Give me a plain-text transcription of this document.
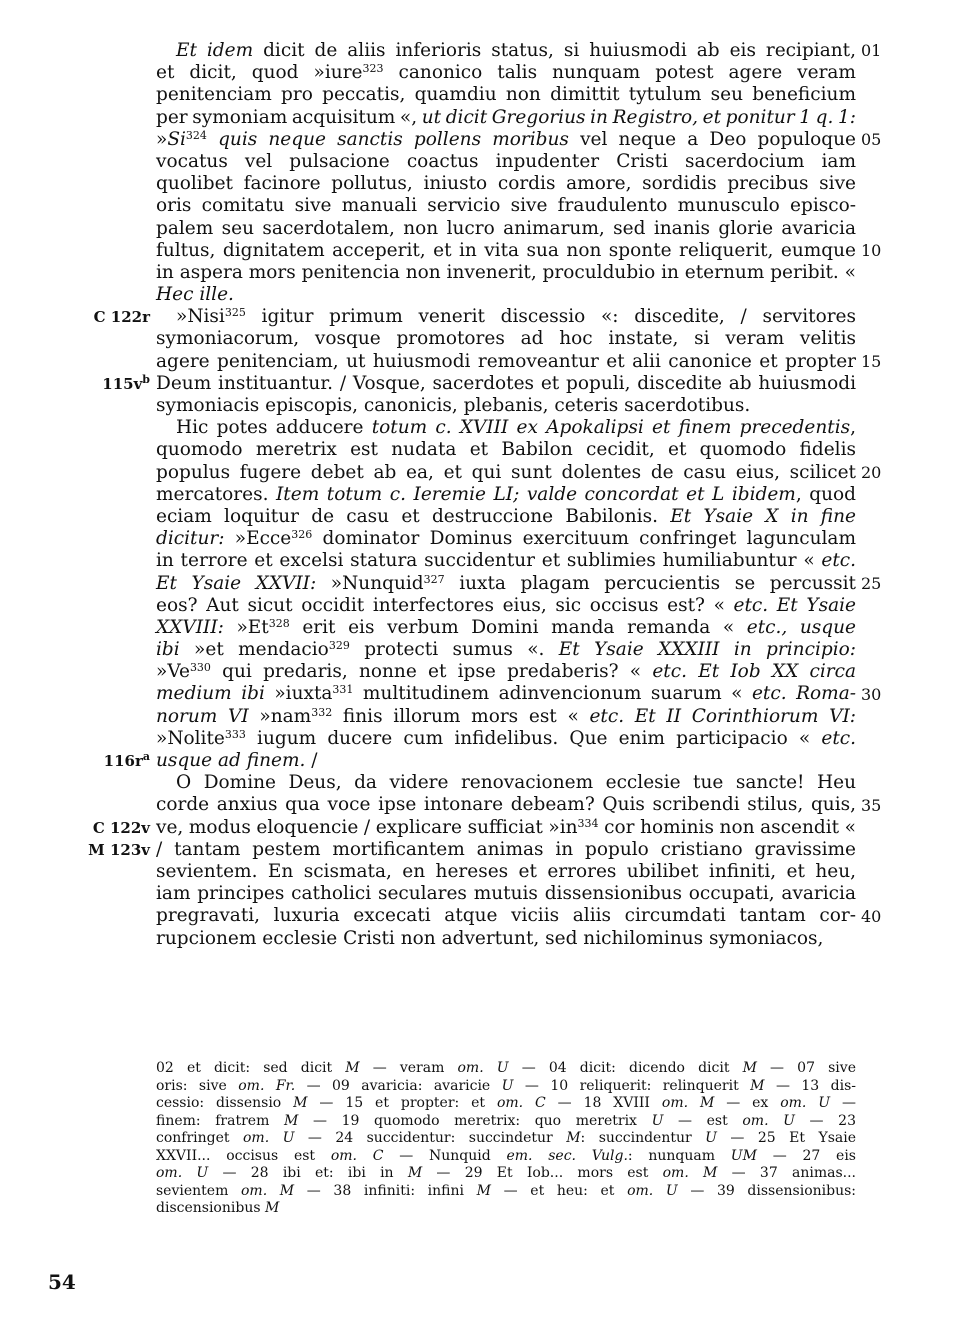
Et idem dicit de aliis inferioris status, si huiusmodi ab eis recipiant,
et dicit, quod »iure$^{323}$ canonico talis nunquam potest agere veram
penitenciam pro peccatis, quamdiu non dimittit tytulum seu beneficium
per symoniam acquisitum «, ut dicit Gregorius in Registro, et ponitur 1 q. 1:
»Si$^{324}$ quis neque sanctis pollens moribus vel neque a Deo populoque
vocatus vel pulsacione coactus inpudenter Cristi sacerdocium iam
quolibet facinore pollutus, iniusto cordis amore, sordidis precibus sive
oris comitatu sive manuali servicio sive fraudulento munusculo episco-
palem seu sacerdotalem, non lucro animarum, sed inanis glorie avaricia
fultus, dignitatem acceperit, et in vita sua non sponte reliquerit, eumque
in aspera mors penitencia non invenerit, proculdubio in eternum peribit. «
Hec ille.
»Nisi$^{325}$ igitur primum venerit discessio «: discedite, / servitores
symoniacorum, vosque promotores ad hoc instate, si veram velitis
agere penitenciam, ut huiusmodi removeantur et alii canonice et propter
Deum instituantur. / Vosque, sacerdotes et populi, discedite ab huiusmodi
symoniacis episcopis, canonicis, plebanis, ceteris sacerdotibus.
Hic potes adducere totum c. XVIII ex Apokalipsi et finem precedentis,
quomodo meretrix est nudata et Babilon cecidit, et quomodo fidelis
populus fugere debet ab ea, et qui sunt dolentes de casu eius, scilicet
mercatores. Item totum c. Ieremie LI; valde concordat et L ibidem, quod
eciam loquitur de casu et destruccione Babilonis. Et Ysaie X in fine
dicitur: »Ecce$^{326}$ dominator Dominus exercituum confringet lagunculam
in terrore et excelsi statura succidentur et sublimies humiliabuntur « etc.
Et Ysaie XXVII: »Nunquid$^{327}$ iuxta plagam percucientis se percussit
eos? Aut sicut occidit interfectores eius, sic occisus est? « etc. Et Ysaie
XXVIII: »Et$^{328}$ erit eis verbum Domini manda remanda « etc., usque
ibi »et mendacio$^{329}$ protecti sumus «. Et Ysaie XXXIII in principio:
»Ve$^{330}$ qui predaris, nonne et ipse predaberis? « etc. Et Iob XX circa
medium ibi »iuxta$^{331}$ multitudinem adinvencionum suarum « etc. Roma-
norum VI »nam$^{332}$ finis illorum mors est « etc. Et II Corinthiorum VI:
»Nolite$^{333}$ iugum ducere cum infidelibus. Que enim participacio « etc.
usque ad finem. /
O Domine Deus, da videre renovacionem ecclesie tue sancte! Heu
corde anxius qua voce ipse intonare debeam? Quis scribendi stilus, quis,
ve, modus eloquencie / explicare sufficiat $»in^{334}$ cor hominis non ascendit «
/ tantam pestem mortificantem animas in populo cristiano gravissime
sevientem. En scismata, en hereses et errores ubilibet infiniti, et heu,
iam principes catholici seculares mutuis dissensionibus occupati, avaricia
pregravati, luxuria excecati atque viciis aliis circumdati tantam cor-
rupcionem ecclesie Cristi non advertunt, sed nichilominus symoniacos,
01
05
10
15
20
25
30
35
40
C 122r
$115v^b$
$116r^a$
C 122v
M 123v
02 et dicit: sed dicit M — veram om. U — 04 dicit: dicendo dicit M — 07 sive
oris: sive om. Fr. — 09 avaricia: avaricie U — 10 reliquerit: relinquerit M — 13 dis-
cessio: dissensio M — 15 et propter: et om. C — 18 XVIII om. M — ex om. U —
finem: fratrem M — 19 quomodo meretrix: quo meretrix U — est om. U — 23
confringet om. U — 24 succidentur: succindetur M: succindentur U — 25 Et Ysaie
XXVII... occisus est om. C — Nunquid em. sec. Vulg.: nunquam UM — 27 eis
om. U — 28 ibi et: ibi in M — 29 Et Iob... mors est om. M — 37 animas...
sevientem om. M — 38 infiniti: infini M — et heu: et om. U — 39 dissensionibus:
discensionibus M
54
